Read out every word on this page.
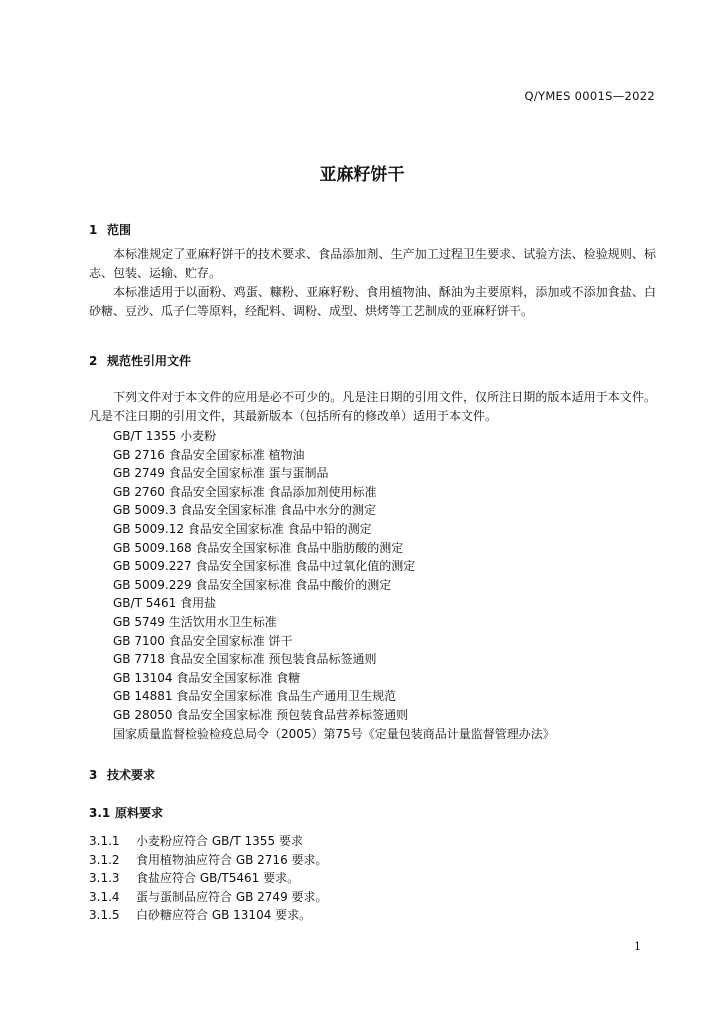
Q/YMES 0001S—2022
亚麻籽饼干
1 范围

本标准规定了亚麻籽饼干的技术要求、食品添加剂、生产加工过程卫生要求、试验方法、检验规则、标志、包装、运输、贮存。

本标准适用于以面粉、鸡蛋、糠粉、亚麻籽粉、食用植物油、酥油为主要原料，添加或不添加食盐、白砂糖、豆沙、瓜子仁等原料，经配料、调粉、成型、烘烤等工艺制成的亚麻籽饼干。

2 规范性引用文件

下列文件对于本文件的应用是必不可少的。凡是注日期的引用文件，仅所注日期的版本适用于本文件。凡是不注日期的引用文件，其最新版本（包括所有的修改单）适用于本文件。

GB/T 1355 小麦粉
GB 2716 食品安全国家标准 植物油
GB 2749 食品安全国家标准 蛋与蛋制品
GB 2760 食品安全国家标准 食品添加剂使用标准
GB 5009.3 食品安全国家标准 食品中水分的测定
GB 5009.12 食品安全国家标准 食品中铅的测定
GB 5009.168 食品安全国家标准 食品中脂肪酸的测定
GB 5009.227 食品安全国家标准 食品中过氧化值的测定
GB 5009.229 食品安全国家标准 食品中酸价的测定
GB/T 5461 食用盐
GB 5749 生活饮用水卫生标准
GB 7100 食品安全国家标准 饼干
GB 7718 食品安全国家标准 预包装食品标签通则
GB 13104 食品安全国家标准 食糖
GB 14881 食品安全国家标准 食品生产通用卫生规范
GB 28050 食品安全国家标准 预包装食品营养标签通则
国家质量监督检验检疫总局令（2005）第75号《定量包装商品计量监督管理办法》
3 技术要求
3.1 原料要求
3.1.1 小麦粉应符合 GB/T 1355 要求
3.1.2 食用植物油应符合 GB 2716 要求。
3.1.3 食盐应符合 GB/T5461 要求。
3.1.4 蛋与蛋制品应符合 GB 2749 要求。
3.1.5 白砂糖应符合 GB 13104 要求。
1
